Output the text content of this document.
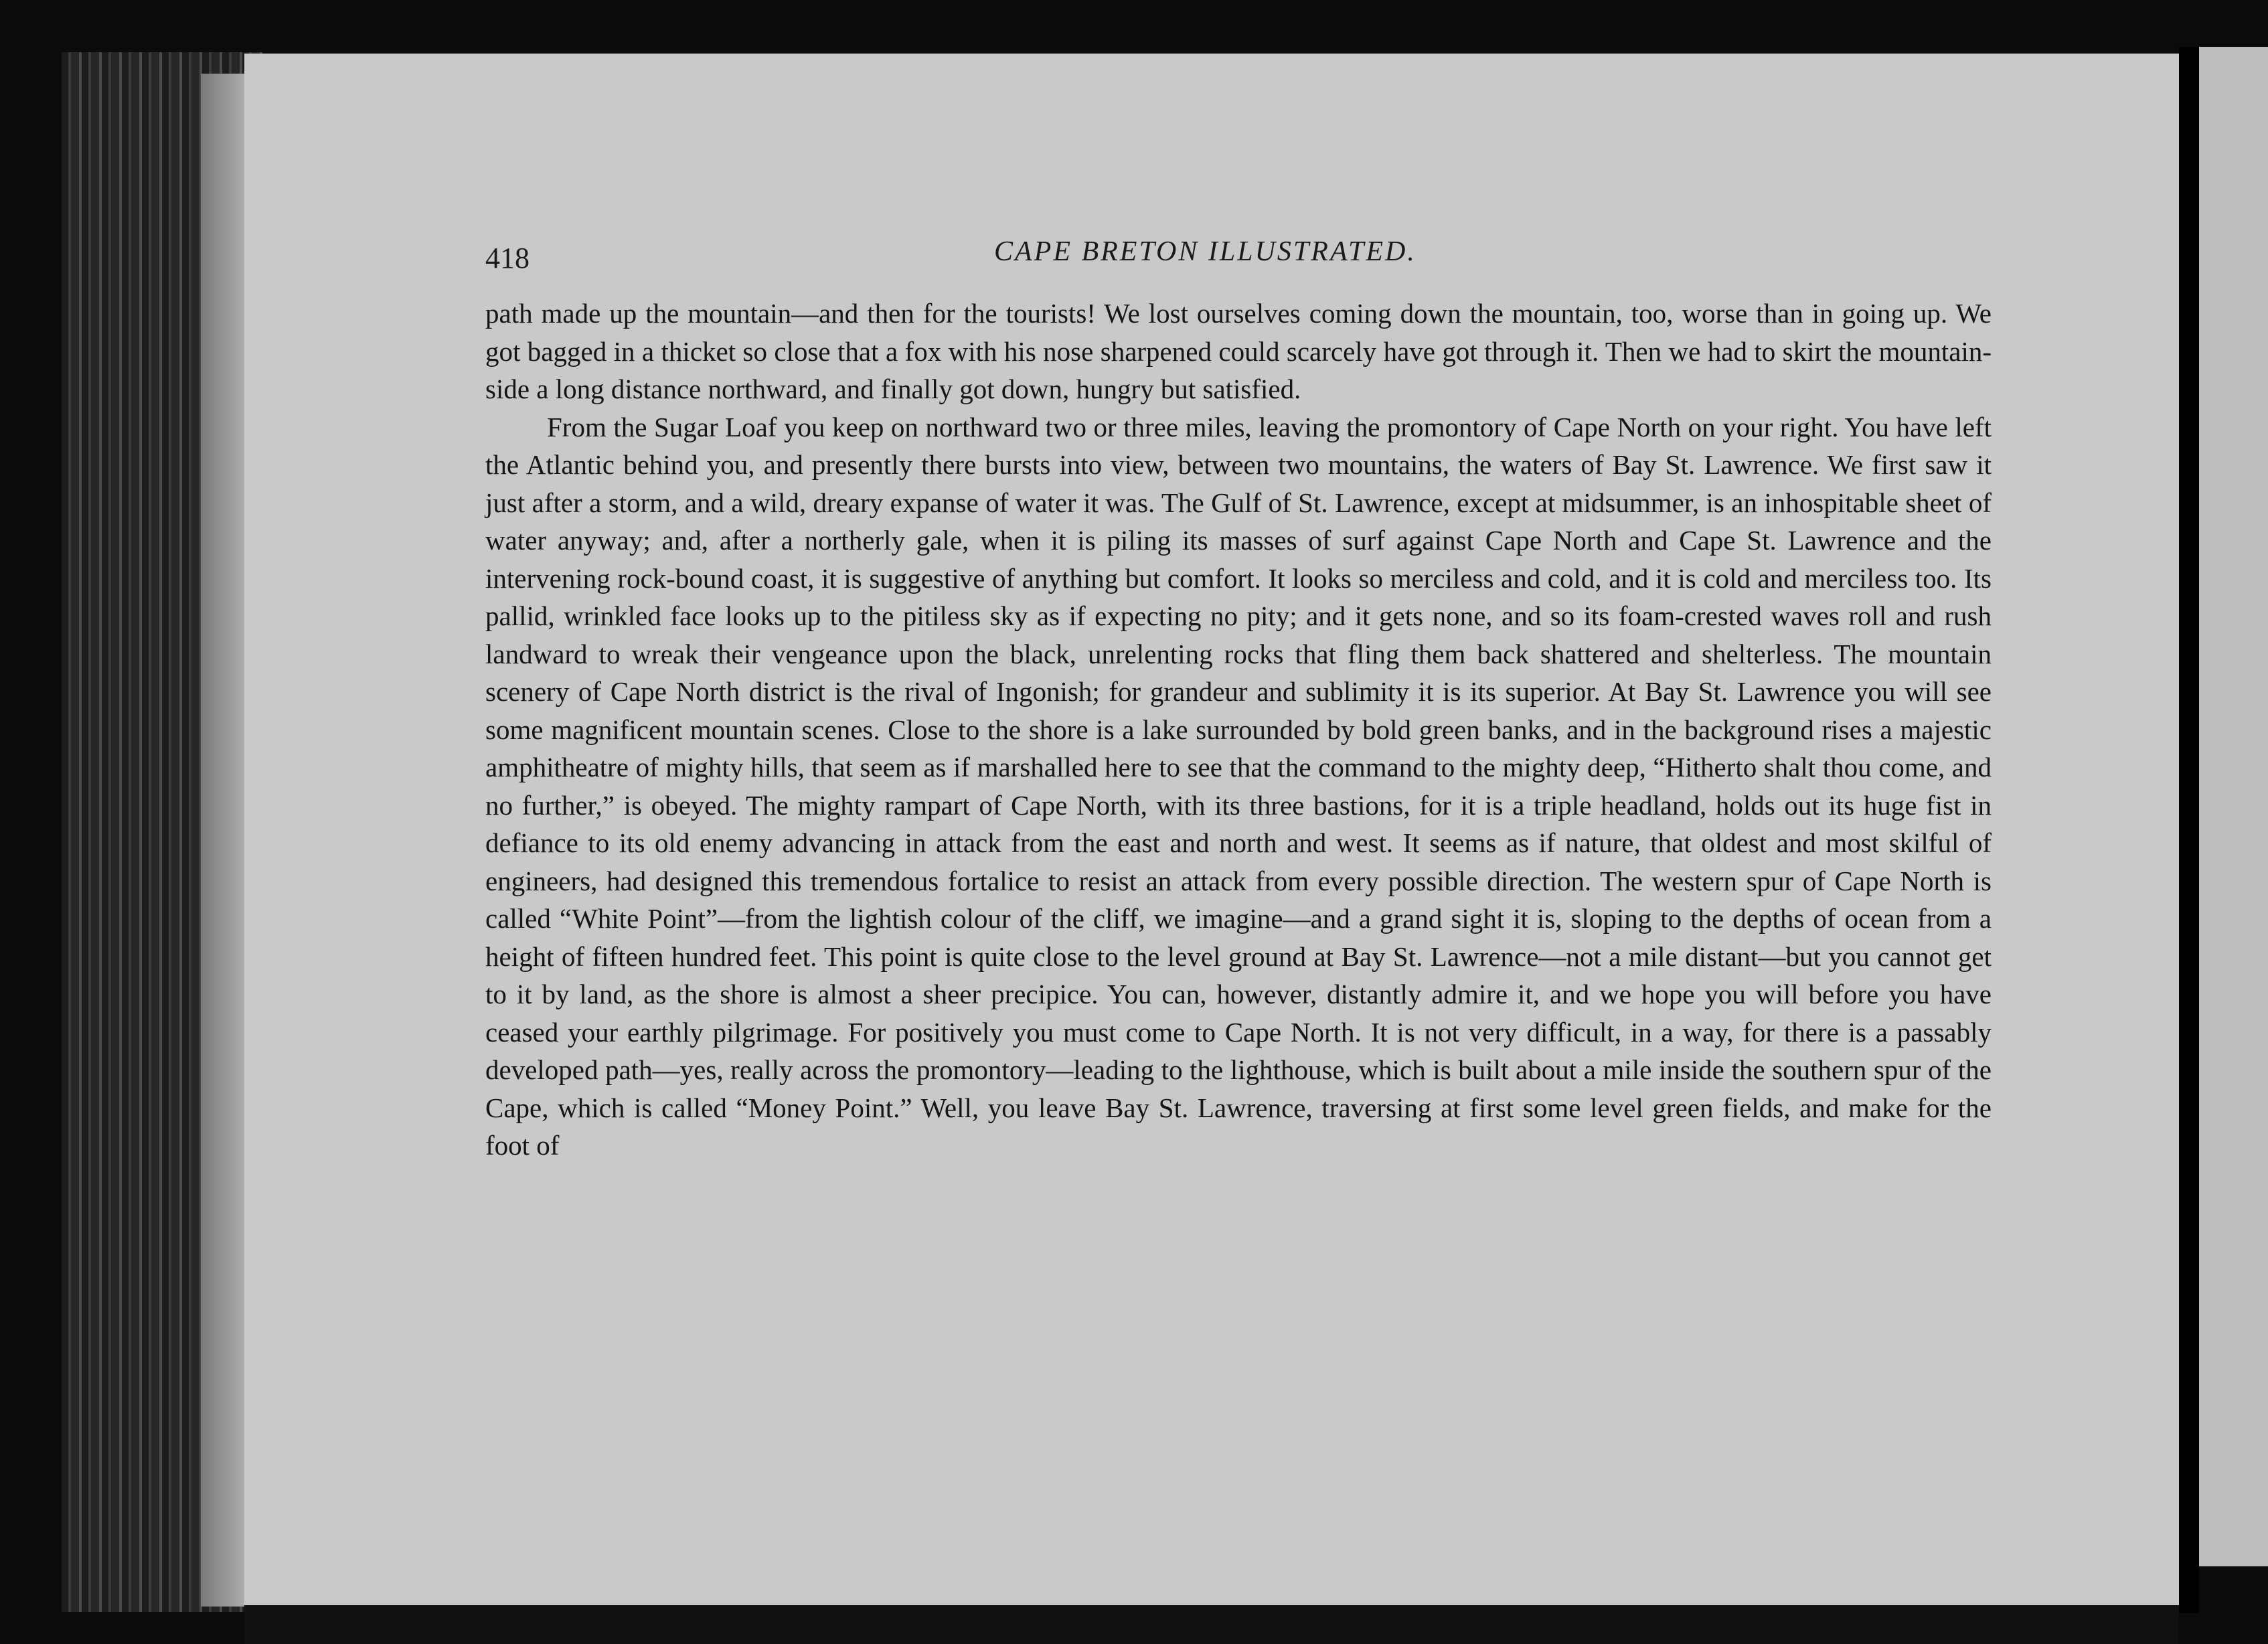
418	CAPE BRETON ILLUSTRATED.

path made up the mountain—and then for the tourists! We lost ourselves coming down the mountain, too, worse than in going up. We got bagged in a thicket so close that a fox with his nose sharpened could scarcely have got through it. Then we had to skirt the mountain-side a long distance northward, and finally got down, hungry but satisfied.

From the Sugar Loaf you keep on northward two or three miles, leaving the promontory of Cape North on your right. You have left the Atlantic behind you, and presently there bursts into view, between two mountains, the waters of Bay St. Lawrence. We first saw it just after a storm, and a wild, dreary expanse of water it was. The Gulf of St. Lawrence, except at midsummer, is an inhospitable sheet of water anyway; and, after a northerly gale, when it is piling its masses of surf against Cape North and Cape St. Lawrence and the intervening rock-bound coast, it is suggestive of anything but comfort. It looks so merciless and cold, and it is cold and merciless too. Its pallid, wrinkled face looks up to the pitiless sky as if expecting no pity; and it gets none, and so its foam-crested waves roll and rush landward to wreak their vengeance upon the black, unrelenting rocks that fling them back shattered and shelterless. The mountain scenery of Cape North district is the rival of Ingonish; for grandeur and sublimity it is its superior. At Bay St. Lawrence you will see some magnificent mountain scenes. Close to the shore is a lake surrounded by bold green banks, and in the background rises a majestic amphitheatre of mighty hills, that seem as if marshalled here to see that the command to the mighty deep, “Hitherto shalt thou come, and no further,” is obeyed. The mighty rampart of Cape North, with its three bastions, for it is a triple headland, holds out its huge fist in defiance to its old enemy advancing in attack from the east and north and west. It seems as if nature, that oldest and most skilful of engineers, had designed this tremendous fortalice to resist an attack from every possible direction. The western spur of Cape North is called “White Point”—from the lightish colour of the cliff, we imagine—and a grand sight it is, sloping to the depths of ocean from a height of fifteen hundred feet. This point is quite close to the level ground at Bay St. Lawrence—not a mile distant—but you cannot get to it by land, as the shore is almost a sheer precipice. You can, however, distantly admire it, and we hope you will before you have ceased your earthly pilgrimage. For positively you must come to Cape North. It is not very difficult, in a way, for there is a passably developed path—yes, really across the promontory—leading to the lighthouse, which is built about a mile inside the southern spur of the Cape, which is called “Money Point.” Well, you leave Bay St. Lawrence, traversing at first some level green fields, and make for the foot of
